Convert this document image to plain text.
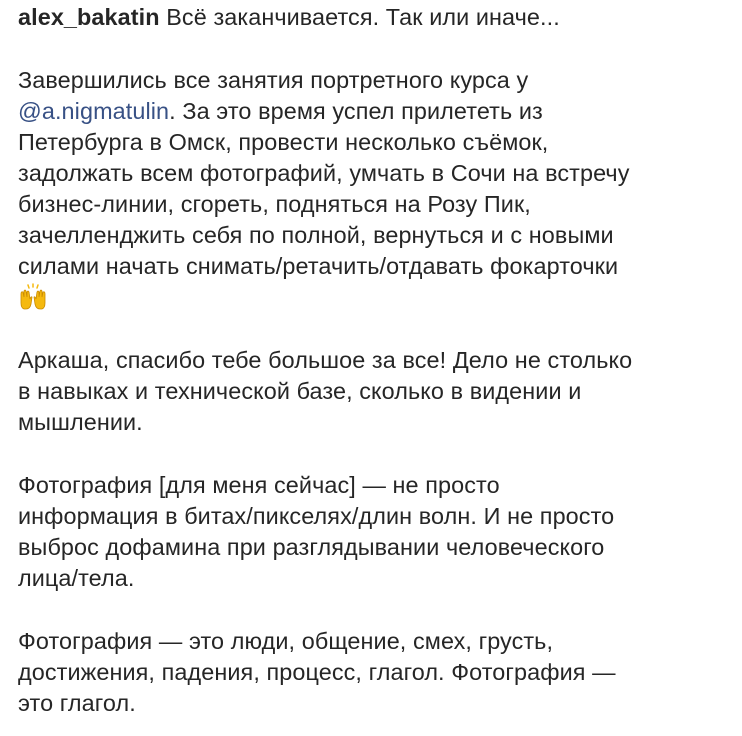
alex_bakatin Всё заканчивается. Так или иначе...
Завершились все занятия портретного курса у
@a.nigmatulin. За это время успел прилететь из
Петербурга в Омск, провести несколько съёмок,
задолжать всем фотографий, умчать в Сочи на встречу
бизнес-линии, сгореть, подняться на Розу Пик,
зачелленджить себя по полной, вернуться и с новыми
силами начать снимать/ретачить/отдавать фокарточки
Аркаша, спасибо тебе большое за все! Дело не столько
в навыках и технической базе, сколько в видении и
мышлении.
Фотография [для меня сейчас] — не просто
информация в битах/пикселях/длин волн. И не просто
выброс дофамина при разглядывании человеческого
лица/тела.
Фотография — это люди, общение, смех, грусть,
достижения, падения, процесс, глагол. Фотография —
это глагол.
